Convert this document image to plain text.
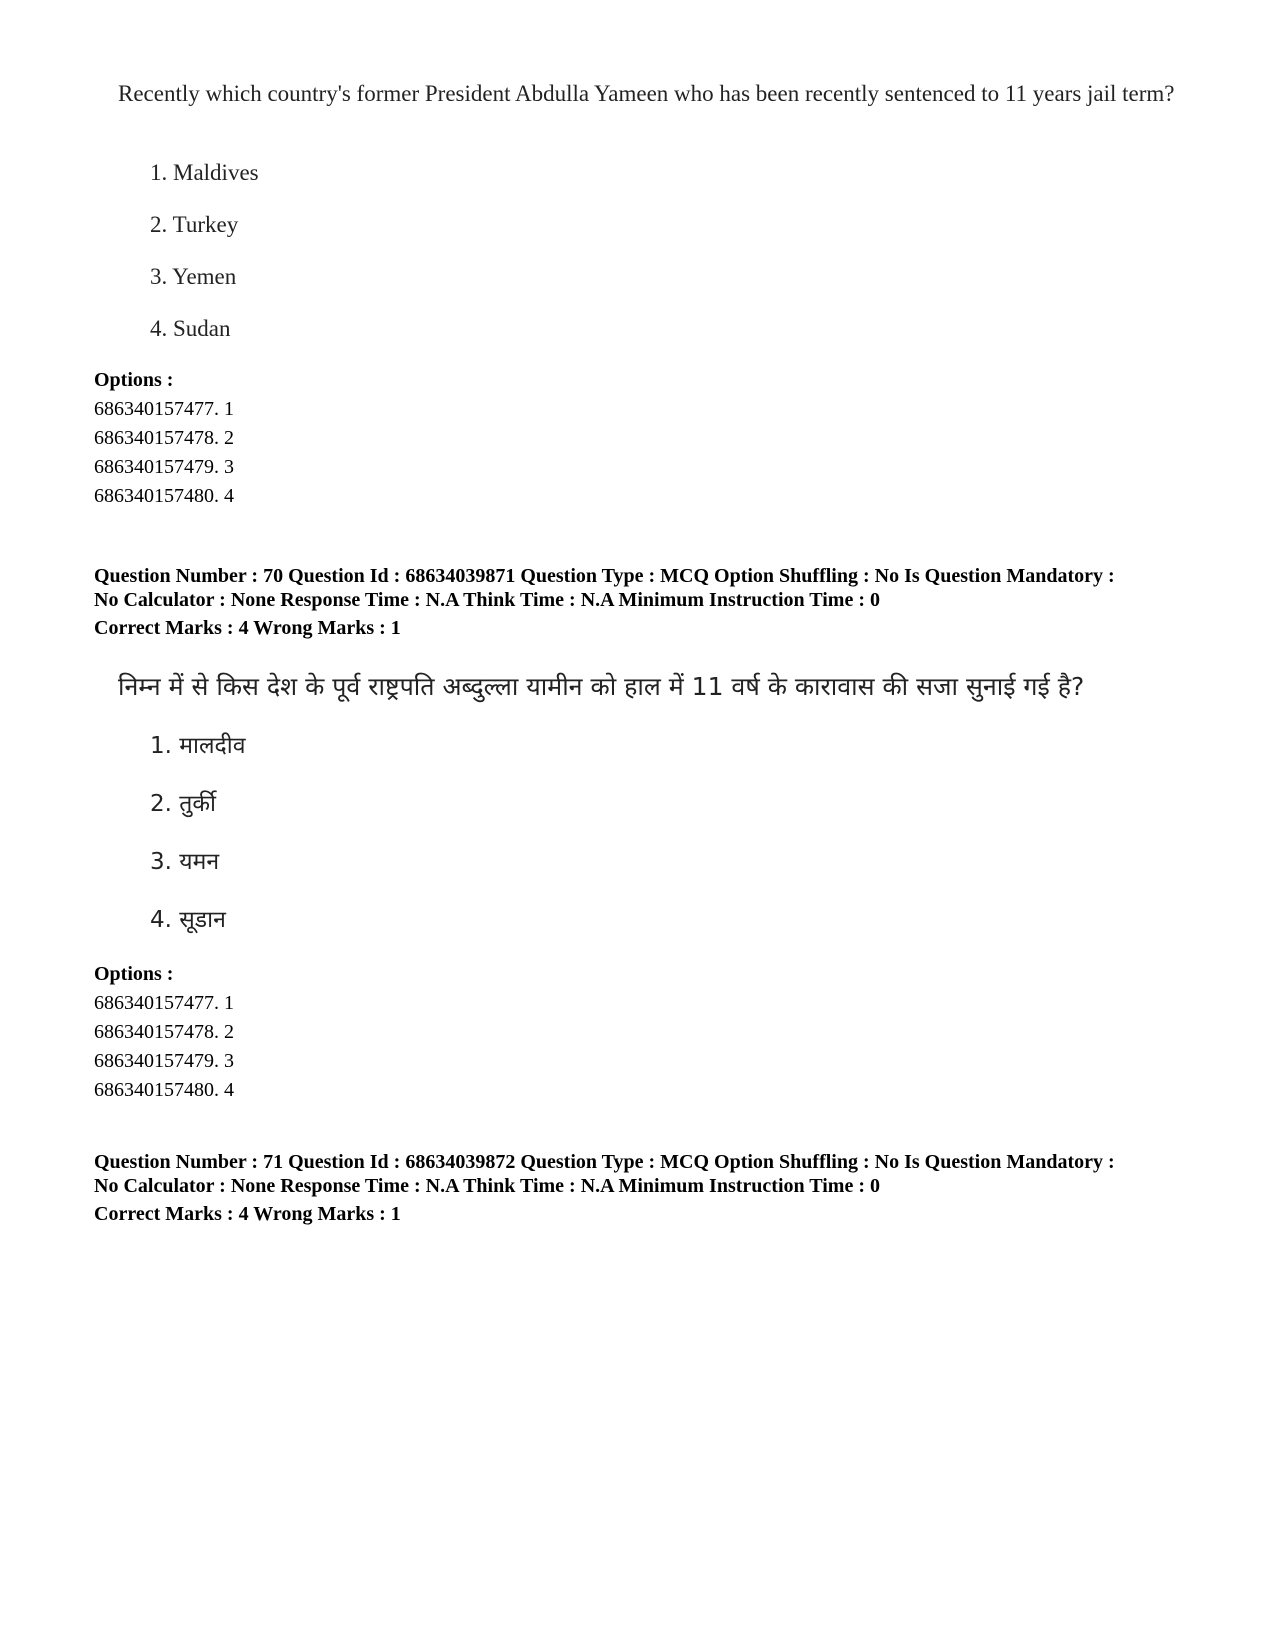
Recently which country's former President Abdulla Yameen who has been recently sentenced to 11 years jail term?
1. Maldives
2. Turkey
3. Yemen
4. Sudan
Options :
686340157477. 1
686340157478. 2
686340157479. 3
686340157480. 4
Question Number : 70 Question Id : 68634039871 Question Type : MCQ Option Shuffling : No Is Question Mandatory :
No Calculator : None Response Time : N.A Think Time : N.A Minimum Instruction Time : 0
Correct Marks : 4 Wrong Marks : 1
निम्न में से किस देश के पूर्व राष्ट्रपति अब्दुल्ला यामीन को हाल में 11 वर्ष के कारावास की सजा सुनाई गई है?
1. मालदीव
2. तुर्की
3. यमन
4. सूडान
Options :
686340157477. 1
686340157478. 2
686340157479. 3
686340157480. 4
Question Number : 71 Question Id : 68634039872 Question Type : MCQ Option Shuffling : No Is Question Mandatory :
No Calculator : None Response Time : N.A Think Time : N.A Minimum Instruction Time : 0
Correct Marks : 4 Wrong Marks : 1
